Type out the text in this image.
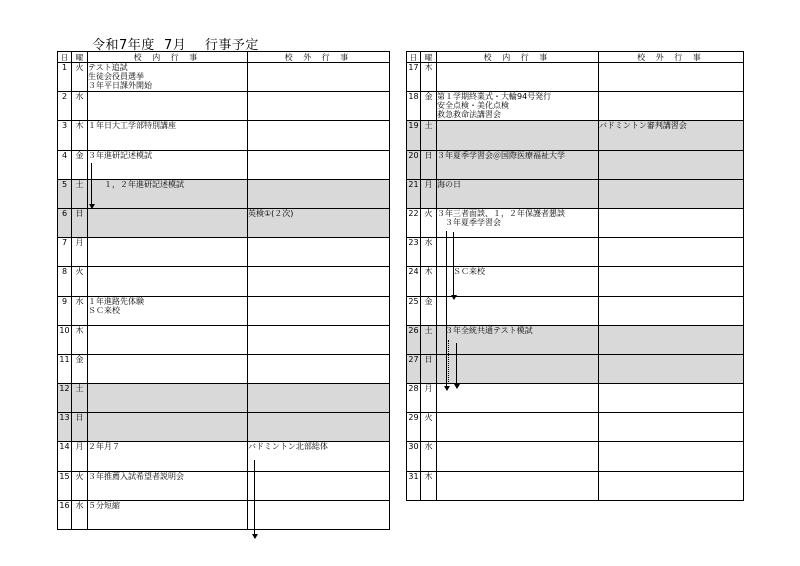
令和7年度  7月    行事予定
日	曜	校 内 行 事	校 外 行 事
1	火	テスト追試
生徒会役員選挙
３年平日課外開始	

2	水		
3	木	１年日大工学部特別講座	

4	金	３年進研記述模試	

5	土	　　１，２年進研記述模試	

6	日		英検①(２次)

7	月		
8	火		
9	水	１年進路先体験
ＳＣ来校	

10	木		
11	金		
12	土		
13	日		
14	月	２年月７	バドミントン北部総体

15	火	３年推薦入試希望者説明会	

16	水	５分短縮	

日	曜	校 内 行 事	校 外 行 事
17	木		
18	金	第１学期終業式・大輪94号発行
安全点検・美化点検
救急救命法講習会	

19	土		バドミントン審判講習会

20	日	３年夏季学習会＠国際医療福祉大学	

21	月	海の日	

22	火	３年三者面談、１，２年保護者懇談
　３年夏季学習会	

23	水		
24	木	　　ＳＣ来校	

25	金		
26	土	　３年全統共通テスト模試	

27	日		
28	月		
29	火		
30	水		
31	木		
